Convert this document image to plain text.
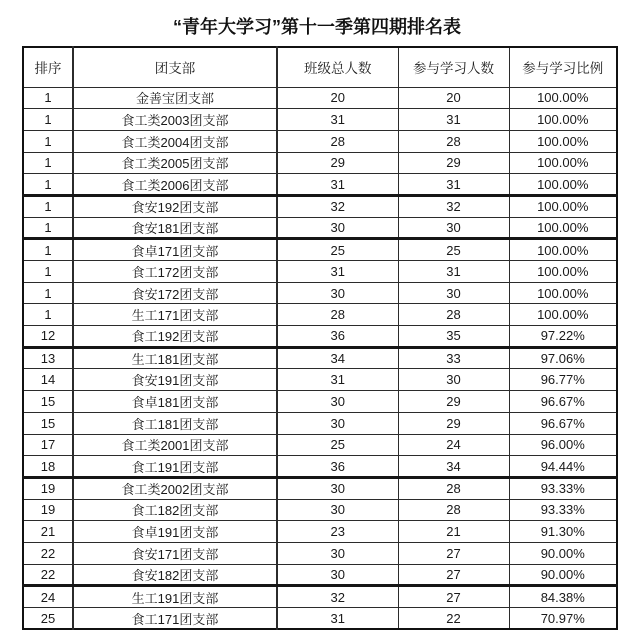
“青年大学习”第十一季第四期排名表
排序	团支部	班级总人数	参与学习人数	参与学习比例
1	金善宝团支部	20	20	100.00%
1	食工类2003团支部	31	31	100.00%
1	食工类2004团支部	28	28	100.00%
1	食工类2005团支部	29	29	100.00%
1	食工类2006团支部	31	31	100.00%
1	食安192团支部	32	32	100.00%
1	食安181团支部	30	30	100.00%
1	食卓171团支部	25	25	100.00%
1	食工172团支部	31	31	100.00%
1	食安172团支部	30	30	100.00%
1	生工171团支部	28	28	100.00%
12	食工192团支部	36	35	97.22%
13	生工181团支部	34	33	97.06%
14	食安191团支部	31	30	96.77%
15	食卓181团支部	30	29	96.67%
15	食工181团支部	30	29	96.67%
17	食工类2001团支部	25	24	96.00%
18	食工191团支部	36	34	94.44%
19	食工类2002团支部	30	28	93.33%
19	食工182团支部	30	28	93.33%
21	食卓191团支部	23	21	91.30%
22	食安171团支部	30	27	90.00%
22	食安182团支部	30	27	90.00%
24	生工191团支部	32	27	84.38%
25	食工171团支部	31	22	70.97%
